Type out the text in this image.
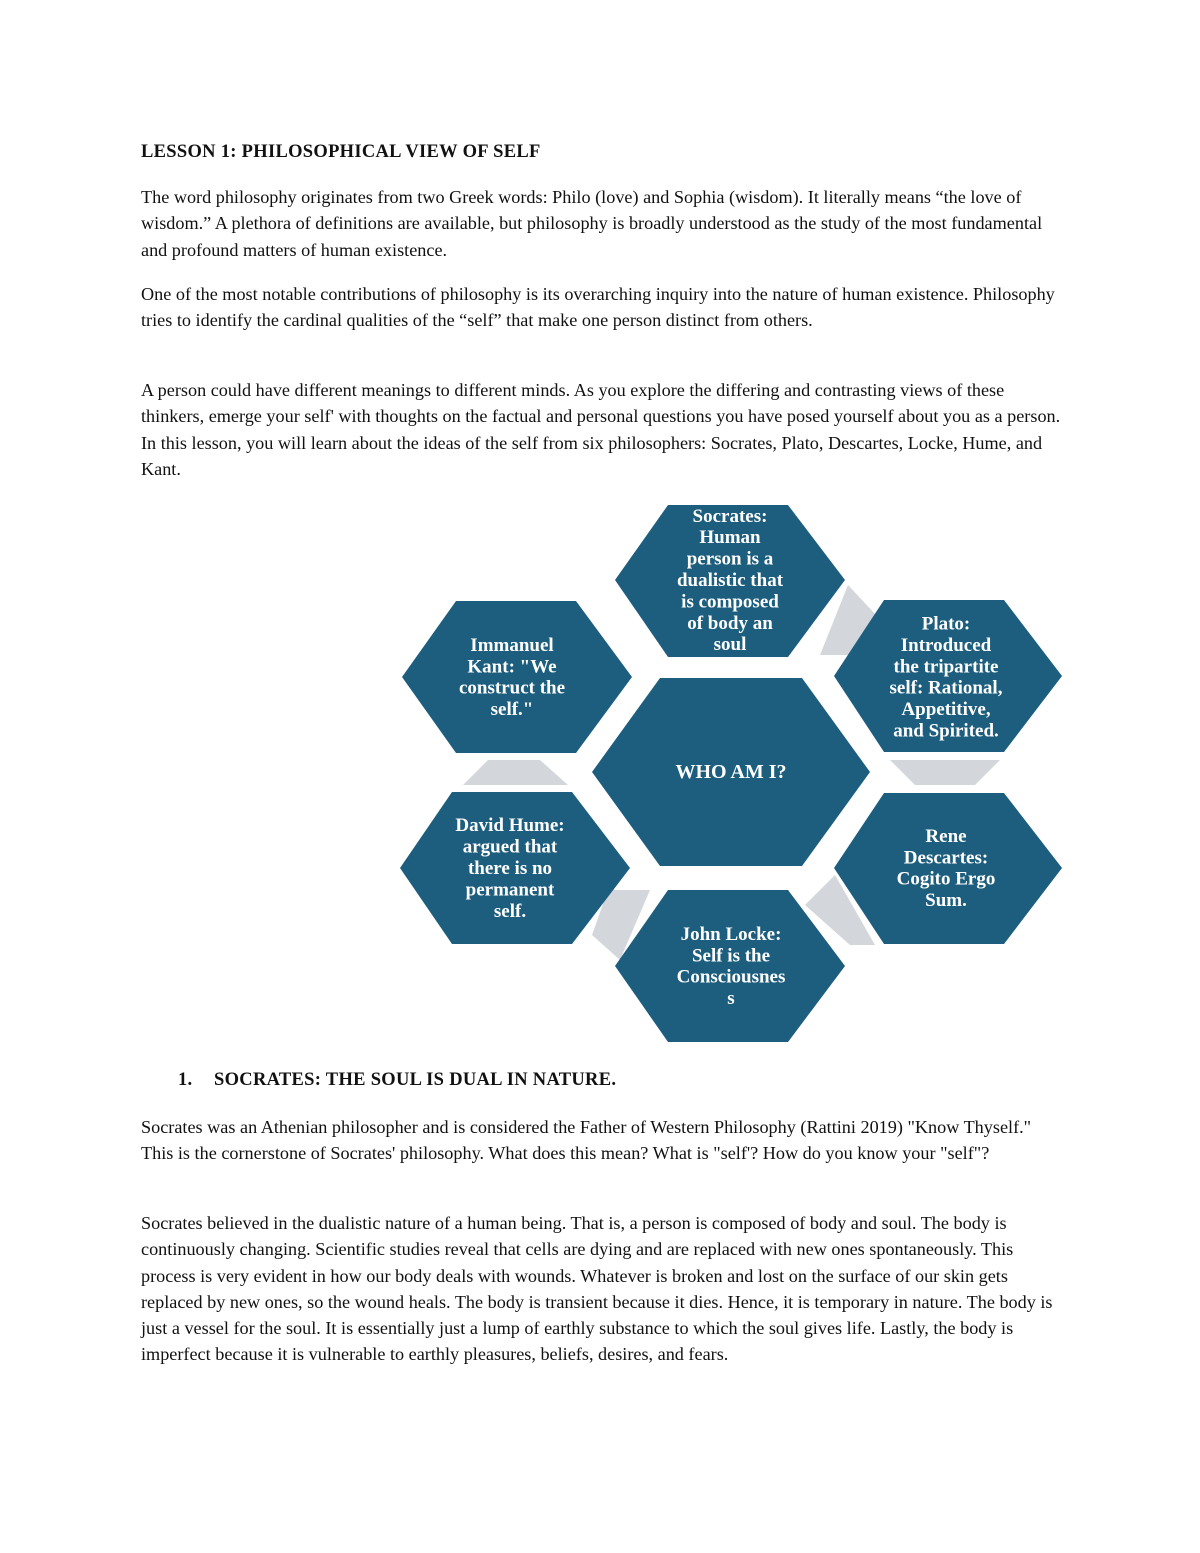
LESSON 1: PHILOSOPHICAL VIEW OF SELF

The word philosophy originates from two Greek words: Philo (love) and Sophia (wisdom). It literally means “the love of wisdom.” A plethora of definitions are available, but philosophy is broadly understood as the study of the most fundamental and profound matters of human existence.

One of the most notable contributions of philosophy is its overarching inquiry into the nature of human existence. Philosophy tries to identify the cardinal qualities of the “self” that make one person distinct from others.

A person could have different meanings to different minds. As you explore the differing and contrasting views of these thinkers, emerge your self' with thoughts on the factual and personal questions you have posed yourself about you as a person. In this lesson, you will learn about the ideas of the self from six philosophers: Socrates, Plato, Descartes, Locke, Hume, and Kant.

WHO AM I?
Socrates: Human person is a dualistic that is composed of body an soul
Plato: Introduced the tripartite self: Rational, Appetitive, and Spirited.
Rene Descartes: Cogito Ergo Sum.
John Locke: Self is the Consciousnes s
David Hume: argued that there is no permanent self.
Immanuel Kant: "We construct the self."
1. SOCRATES: THE SOUL IS DUAL IN NATURE.

Socrates was an Athenian philosopher and is considered the Father of Western Philosophy (Rattini 2019) "Know Thyself." This is the cornerstone of Socrates' philosophy. What does this mean? What is "self'? How do you know your "self"?

Socrates believed in the dualistic nature of a human being. That is, a person is composed of body and soul. The body is continuously changing. Scientific studies reveal that cells are dying and are replaced with new ones spontaneously. This process is very evident in how our body deals with wounds. Whatever is broken and lost on the surface of our skin gets replaced by new ones, so the wound heals. The body is transient because it dies. Hence, it is temporary in nature. The body is just a vessel for the soul. It is essentially just a lump of earthly substance to which the soul gives life. Lastly, the body is imperfect because it is vulnerable to earthly pleasures, beliefs, desires, and fears.
